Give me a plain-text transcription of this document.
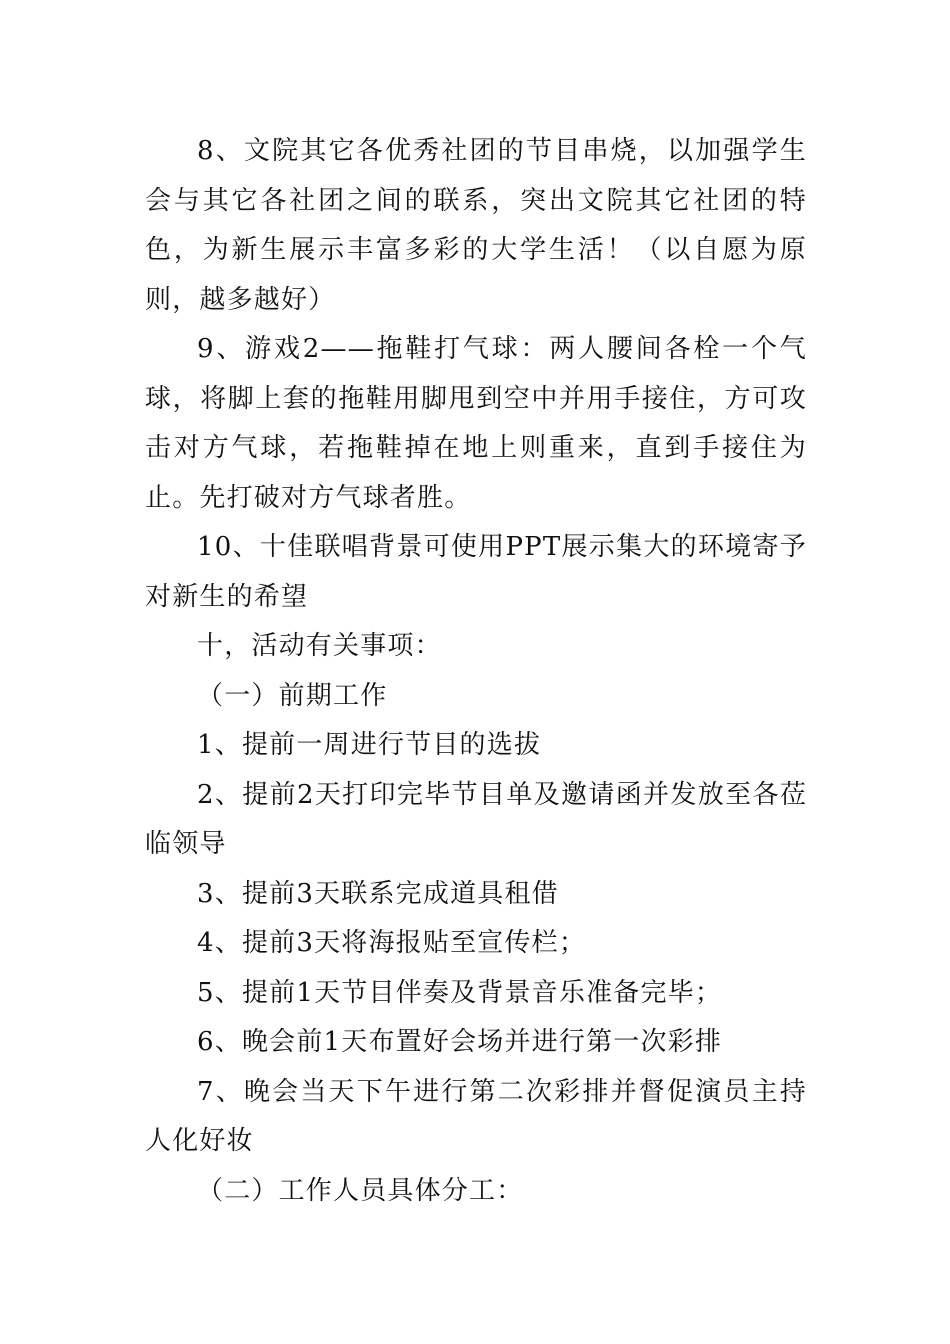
8、文院其它各优秀社团的节目串烧，以加强学生会与其它各社团之间的联系，突出文院其它社团的特色，为新生展示丰富多彩的大学生活！（以自愿为原则，越多越好）

9、游戏2——拖鞋打气球：两人腰间各栓一个气球，将脚上套的拖鞋用脚甩到空中并用手接住，方可攻击对方气球，若拖鞋掉在地上则重来，直到手接住为止。先打破对方气球者胜。

10、十佳联唱背景可使用PPT展示集大的环境寄予对新生的希望

十，活动有关事项：

（一）前期工作

1、提前一周进行节目的选拔

2、提前2天打印完毕节目单及邀请函并发放至各莅临领导

3、提前3天联系完成道具租借

4、提前3天将海报贴至宣传栏；

5、提前1天节目伴奏及背景音乐准备完毕；

6、晚会前1天布置好会场并进行第一次彩排

7、晚会当天下午进行第二次彩排并督促演员主持人化好妆

（二）工作人员具体分工：
